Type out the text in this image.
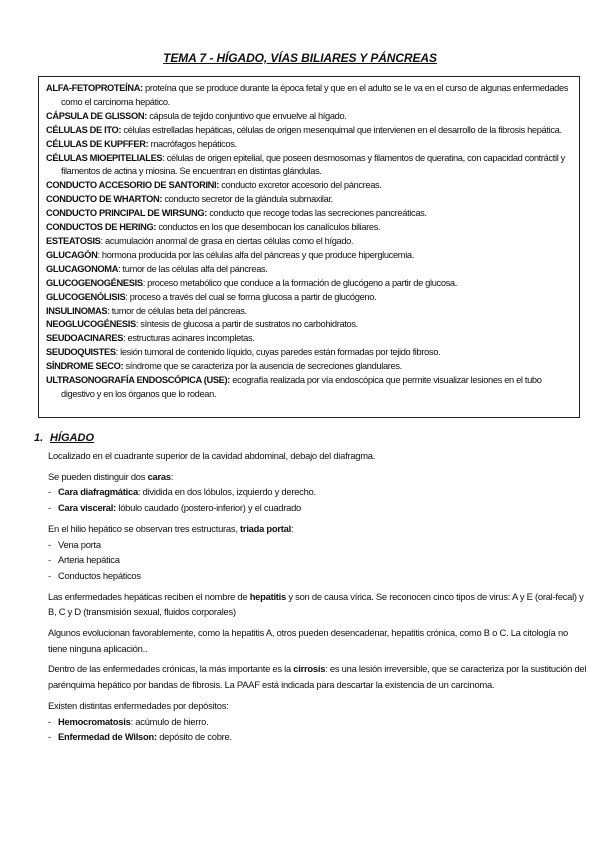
TEMA 7 - HÍGADO, VÍAS BILIARES Y PÁNCREAS

ALFA-FETOPROTEÍNA: proteína que se produce durante la época fetal y que en el adulto se le va en el curso de algunas enfermedades como el carcinoma hepático.

CÁPSULA DE GLISSON: cápsula de tejido conjuntivo que envuelve al hígado.

CÉLULAS DE ITO: células estrelladas hepáticas, células de origen mesenquimal que intervienen en el desarrollo de la fibrosis hepática.

CÉLULAS DE KUPFFER: macrófagos hepáticos.

CÉLULAS MIOEPITELIALES: células de origen epitelial, que poseen desmosomas y filamentos de queratina, con capacidad contráctil y filamentos de actina y miosina. Se encuentran en distintas glándulas.

CONDUCTO ACCESORIO DE SANTORINI: conducto excretor accesorio del páncreas.

CONDUCTO DE WHARTON: conducto secretor de la glándula submaxilar.

CONDUCTO PRINCIPAL DE WIRSUNG: conducto que recoge todas las secreciones pancreáticas.

CONDUCTOS DE HERING: conductos en los que desembocan los canalículos biliares.

ESTEATOSIS: acumulación anormal de grasa en ciertas células como el hígado.

GLUCAGÓN: hormona producida por las células alfa del páncreas y que produce hiperglucemia.

GLUCAGONOMA: tumor de las células alfa del páncreas.

GLUCOGENOGÉNESIS: proceso metabólico que conduce a la formación de glucógeno a partir de glucosa.

GLUCOGENÓLISIS: proceso a través del cual se forma glucosa a partir de glucógeno.

INSULINOMAS: tumor de células beta del páncreas.

NEOGLUCOGÉNESIS: síntesis de glucosa a partir de sustratos no carbohidratos.

SEUDOACINARES: estructuras acinares incompletas.

SEUDOQUISTES: lesión tumoral de contenido líquido, cuyas paredes están formadas por tejido fibroso.

SÍNDROME SECO: síndrome que se caracteriza por la ausencia de secreciones glandulares.

ULTRASONOGRAFÍA ENDOSCÓPICA (USE): ecografía realizada por vía endoscópica que permite visualizar lesiones en el tubo digestivo y en los órganos que lo rodean.

1. HÍGADO

Localizado en el cuadrante superior de la cavidad abdominal, debajo del diafragma.

Se pueden distinguir dos caras:

- Cara diafragmática: dividida en dos lóbulos, izquierdo y derecho.
- Cara visceral: lóbulo caudado (postero-inferior) y el cuadrado

En el hilio hepático se observan tres estructuras, triada portal:

- Vena porta
- Arteria hepática
- Conductos hepáticos

Las enfermedades hepáticas reciben el nombre de hepatitis y son de causa vírica. Se reconocen cinco tipos de virus: A y E (oral-fecal) y B, C y D (transmisión sexual, fluidos corporales)

Algunos evolucionan favorablemente, como la hepatitis A, otros pueden desencadenar, hepatitis crónica, como B o C. La citología no tiene ninguna aplicación..

Dentro de las enfermedades crónicas, la más importante es la cirrosis: es una lesión irreversible, que se caracteriza por la sustitución del parénquima hepático por bandas de fibrosis. La PAAF está indicada para descartar la existencia de un carcinoma.

Existen distintas enfermedades por depósitos:

- Hemocromatosis: acúmulo de hierro.
- Enfermedad de Wilson: depósito de cobre.
